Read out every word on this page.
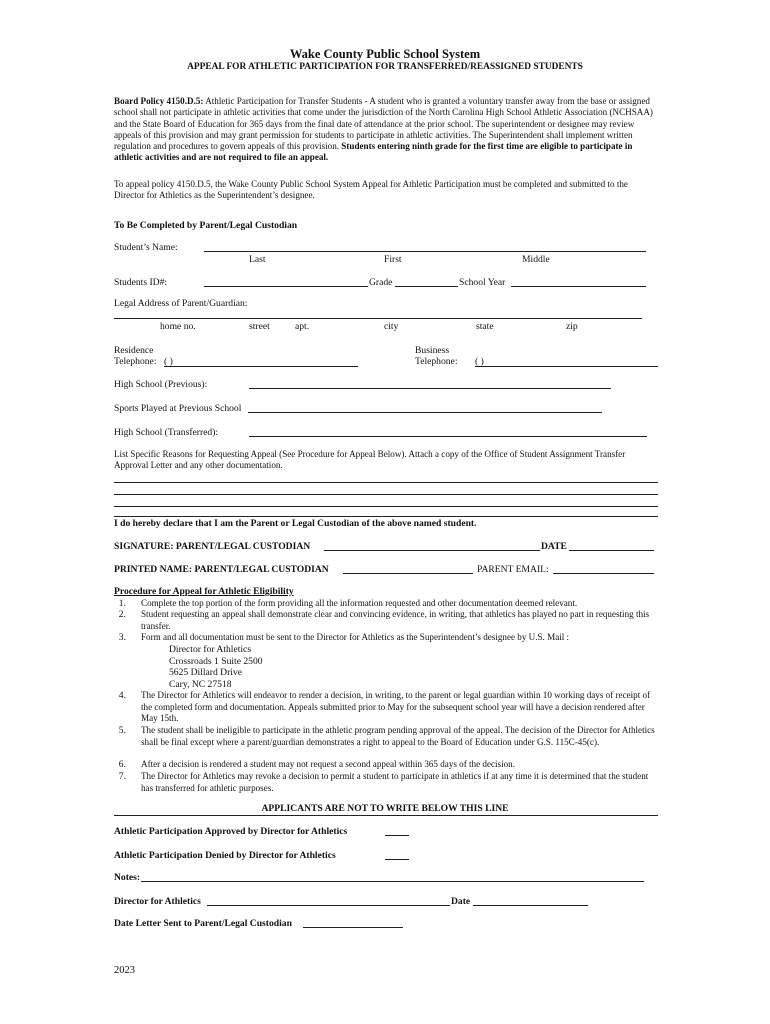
Wake County Public School System
APPEAL FOR ATHLETIC PARTICIPATION FOR TRANSFERRED/REASSIGNED STUDENTS
Board Policy 4150.D.5: Athletic Participation for Transfer Students - A student who is granted a voluntary transfer away from the base or assigned school shall not participate in athletic activities that come under the jurisdiction of the North Carolina High School Athletic Association (NCHSAA) and the State Board of Education for 365 days from the final date of attendance at the prior school. The superintendent or designee may review appeals of this provision and may grant permission for students to participate in athletic activities. The Superintendent shall implement written regulation and procedures to govern appeals of this provision. Students entering ninth grade for the first time are eligible to participate in athletic activities and are not required to file an appeal.
To appeal policy 4150.D.5, the Wake County Public School System Appeal for Athletic Participation must be completed and submitted to the Director for Athletics as the Superintendent’s designee.
To Be Completed by Parent/Legal Custodian
Student’s Name:
Last	First	Middle
Students ID#:	Grade	School Year
Legal Address of Parent/Guardian:
home no.	street	apt.	city	state	zip
Residence
Telephone: ( )
Business
Telephone: ( )
High School (Previous):
Sports Played at Previous School
High School (Transferred):
List Specific Reasons for Requesting Appeal (See Procedure for Appeal Below). Attach a copy of the Office of Student Assignment Transfer Approval Letter and any other documentation.
I do hereby declare that I am the Parent or Legal Custodian of the above named student.
SIGNATURE: PARENT/LEGAL CUSTODIAN	DATE
PRINTED NAME: PARENT/LEGAL CUSTODIAN	PARENT EMAIL:
Procedure for Appeal for Athletic Eligibility
1. Complete the top portion of the form providing all the information requested and other documentation deemed relevant.
2. Student requesting an appeal shall demonstrate clear and convincing evidence, in writing, that athletics has played no part in requesting this transfer.
3. Form and all documentation must be sent to the Director for Athletics as the Superintendent’s designee by U.S. Mail :
Director for Athletics
Crossroads 1 Suite 2500
5625 Dillard Drive
Cary, NC 27518
4. The Director for Athletics will endeavor to render a decision, in writing, to the parent or legal guardian within 10 working days of receipt of the completed form and documentation. Appeals submitted prior to May for the subsequent school year will have a decision rendered after May 15th.
5. The student shall be ineligible to participate in the athletic program pending approval of the appeal. The decision of the Director for Athletics shall be final except where a parent/guardian demonstrates a right to appeal to the Board of Education under G.S. 115C-45(c).
6. After a decision is rendered a student may not request a second appeal within 365 days of the decision.
7. The Director for Athletics may revoke a decision to permit a student to participate in athletics if at any time it is determined that the student has transferred for athletic purposes.
APPLICANTS ARE NOT TO WRITE BELOW THIS LINE
Athletic Participation Approved by Director for Athletics
Athletic Participation Denied by Director for Athletics
Notes:
Director for Athletics	Date
Date Letter Sent to Parent/Legal Custodian
2023
